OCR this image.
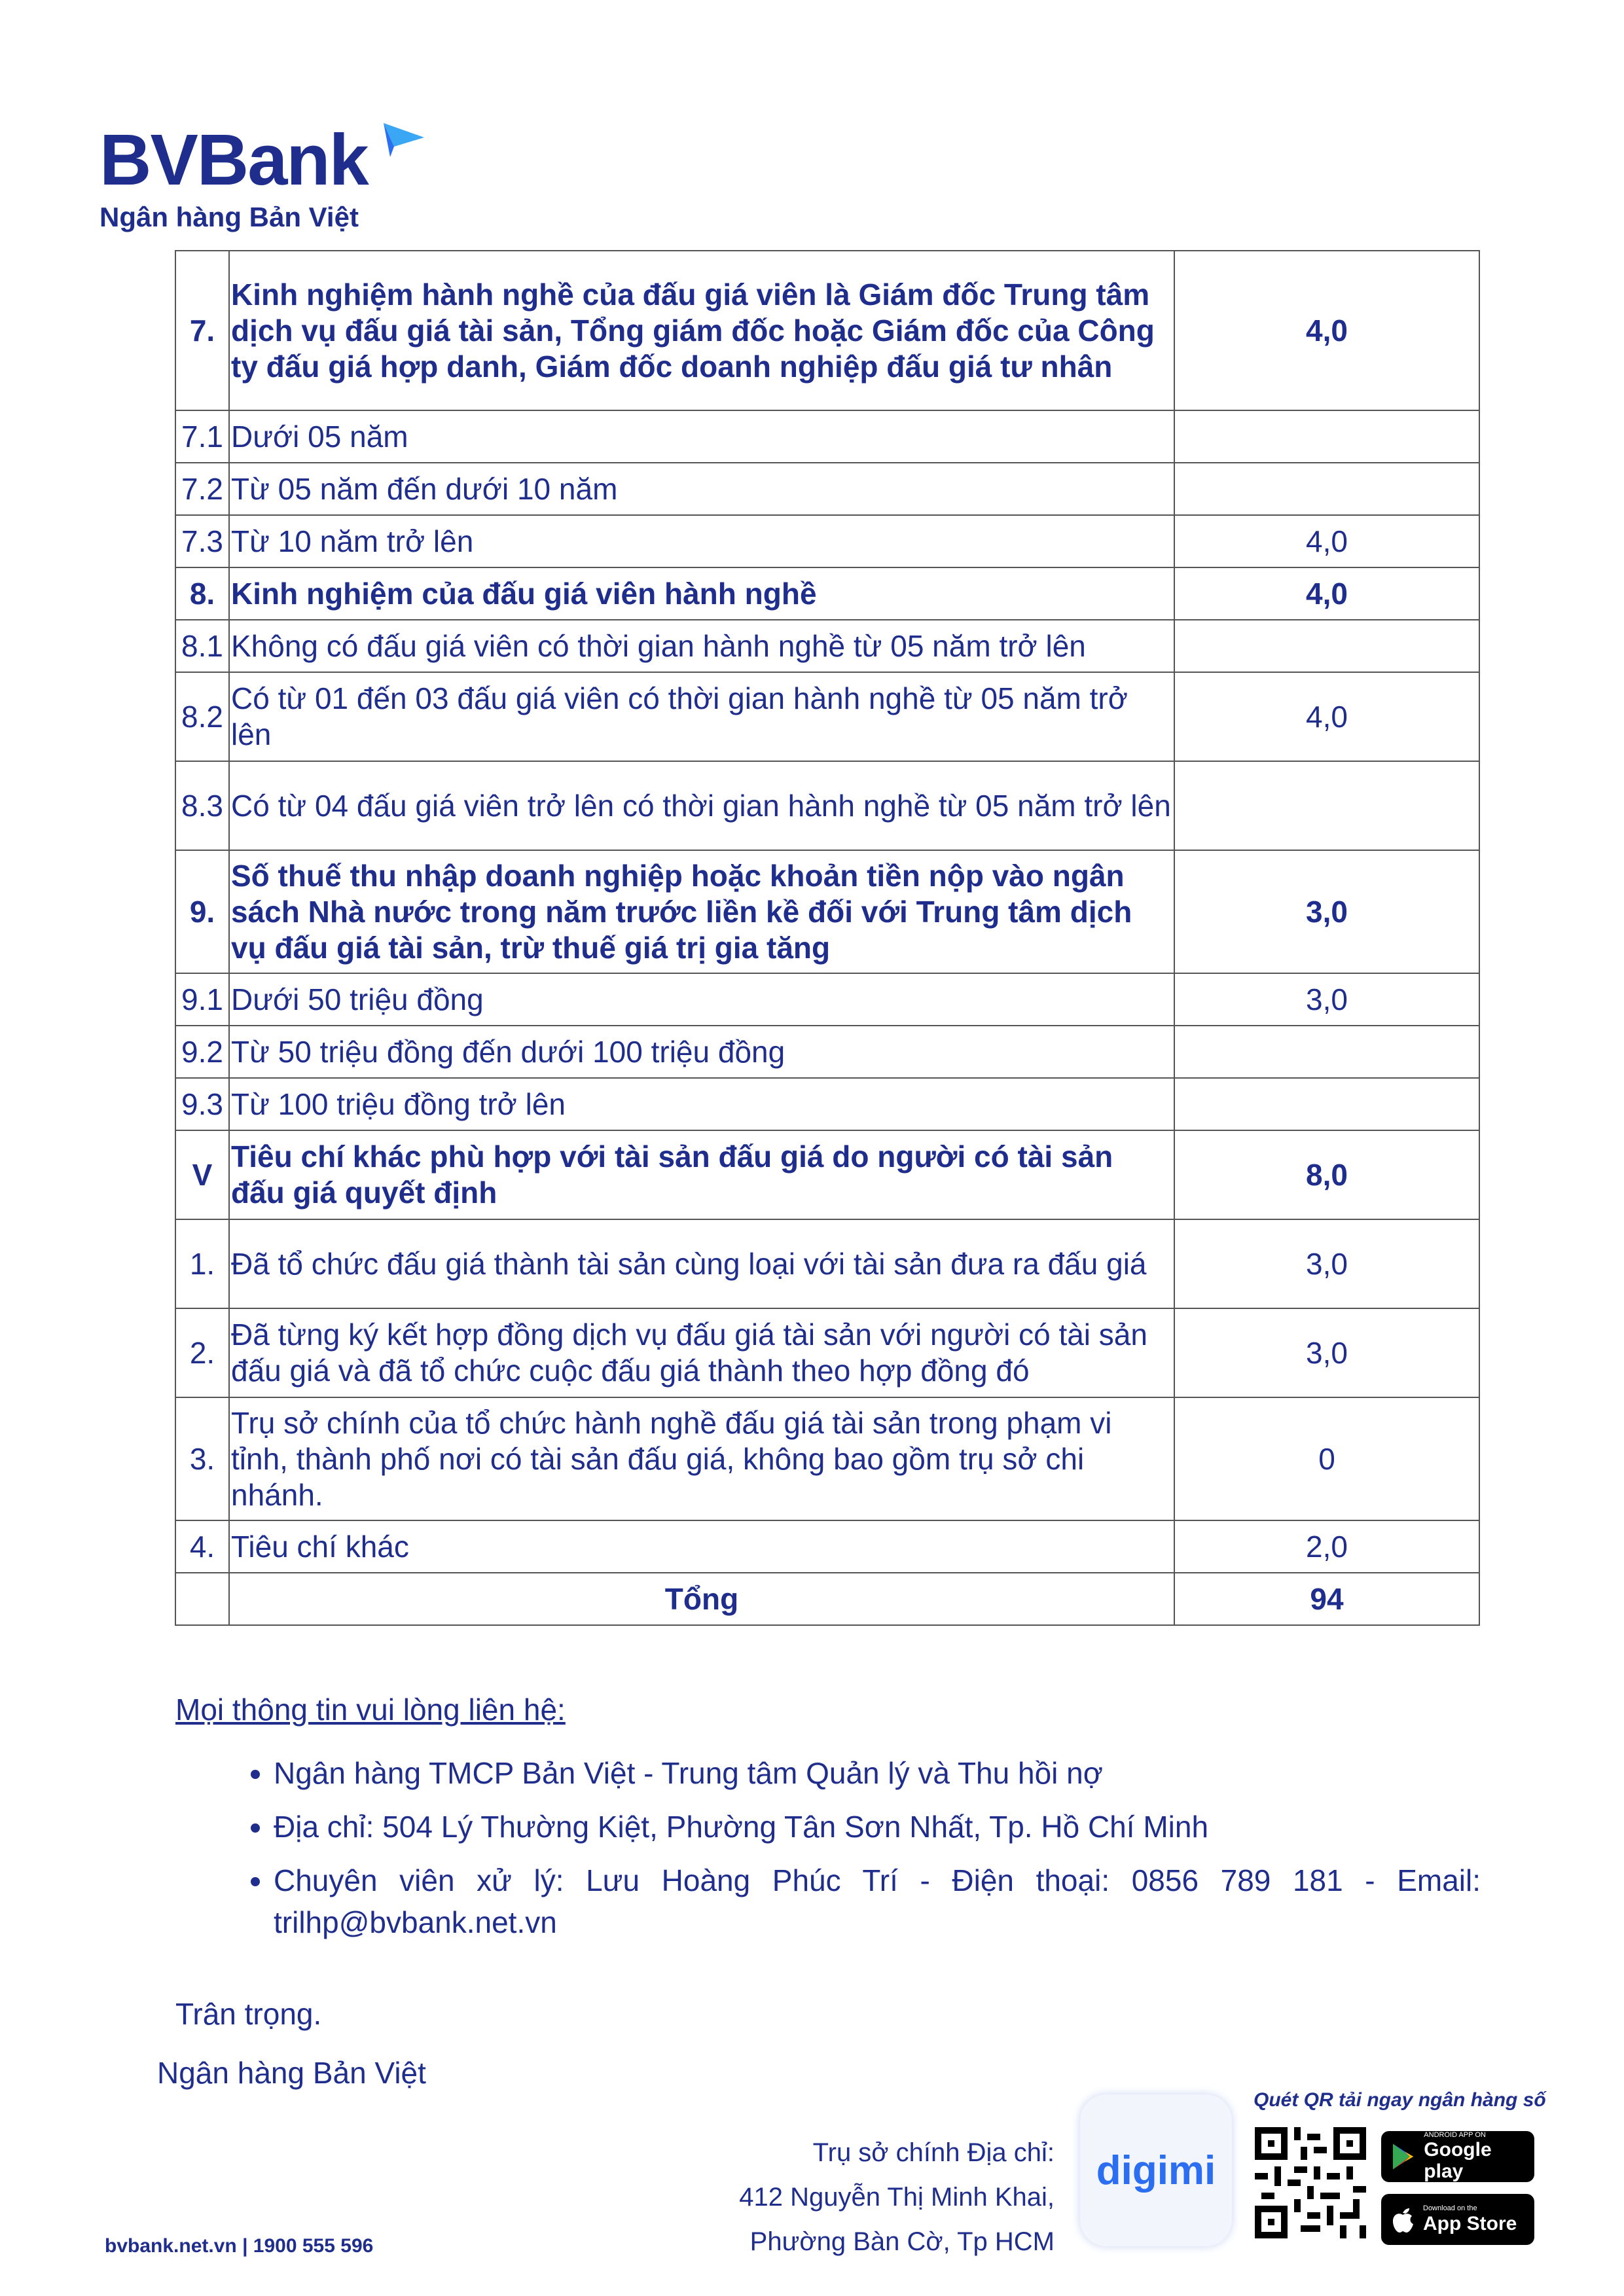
BVBank
Ngân hàng Bản Việt
7.	Kinh nghiệm hành nghề của đấu giá viên là Giám đốc Trung tâm dịch vụ đấu giá tài sản, Tổng giám đốc hoặc Giám đốc của Công ty đấu giá hợp danh, Giám đốc doanh nghiệp đấu giá tư nhân	4,0
7.1	Dưới 05 năm	
7.2	Từ 05 năm đến dưới 10 năm	
7.3	Từ 10 năm trở lên	4,0
8.	Kinh nghiệm của đấu giá viên hành nghề	4,0
8.1	Không có đấu giá viên có thời gian hành nghề từ 05 năm trở lên	
8.2	Có từ 01 đến 03 đấu giá viên có thời gian hành nghề từ 05 năm trở lên	4,0
8.3	Có từ 04 đấu giá viên trở lên có thời gian hành nghề từ 05 năm trở lên	
9.	Số thuế thu nhập doanh nghiệp hoặc khoản tiền nộp vào ngân sách Nhà nước trong năm trước liền kề đối với Trung tâm dịch vụ đấu giá tài sản, trừ thuế giá trị gia tăng	3,0
9.1	Dưới 50 triệu đồng	3,0
9.2	Từ 50 triệu đồng đến dưới 100 triệu đồng	
9.3	Từ 100 triệu đồng trở lên	
V	Tiêu chí khác phù hợp với tài sản đấu giá do người có tài sản đấu giá quyết định	8,0
1.	Đã tổ chức đấu giá thành tài sản cùng loại với tài sản đưa ra đấu giá	3,0
2.	Đã từng ký kết hợp đồng dịch vụ đấu giá tài sản với người có tài sản đấu giá và đã tổ chức cuộc đấu giá thành theo hợp đồng đó	3,0
3.	Trụ sở chính của tổ chức hành nghề đấu giá tài sản trong phạm vi tỉnh, thành phố nơi có tài sản đấu giá, không bao gồm trụ sở chi nhánh.	0
4.	Tiêu chí khác	2,0
	Tổng	94
Mọi thông tin vui lòng liên hệ:
• Ngân hàng TMCP Bản Việt - Trung tâm Quản lý và Thu hồi nợ
• Địa chỉ: 504 Lý Thường Kiệt, Phường Tân Sơn Nhất, Tp. Hồ Chí Minh
• Chuyên viên xử lý: Lưu Hoàng Phúc Trí - Điện thoại: 0856 789 181 - Email: trilhp@bvbank.net.vn
Trân trọng.
Ngân hàng Bản Việt
bvbank.net.vn | 1900 555 596
Trụ sở chính Địa chỉ:
412 Nguyễn Thị Minh Khai,
Phường Bàn Cờ, Tp HCM
digimi
Quét QR tải ngay ngân hàng số
ANDROID APP ON
Google play
Download on the
App Store
